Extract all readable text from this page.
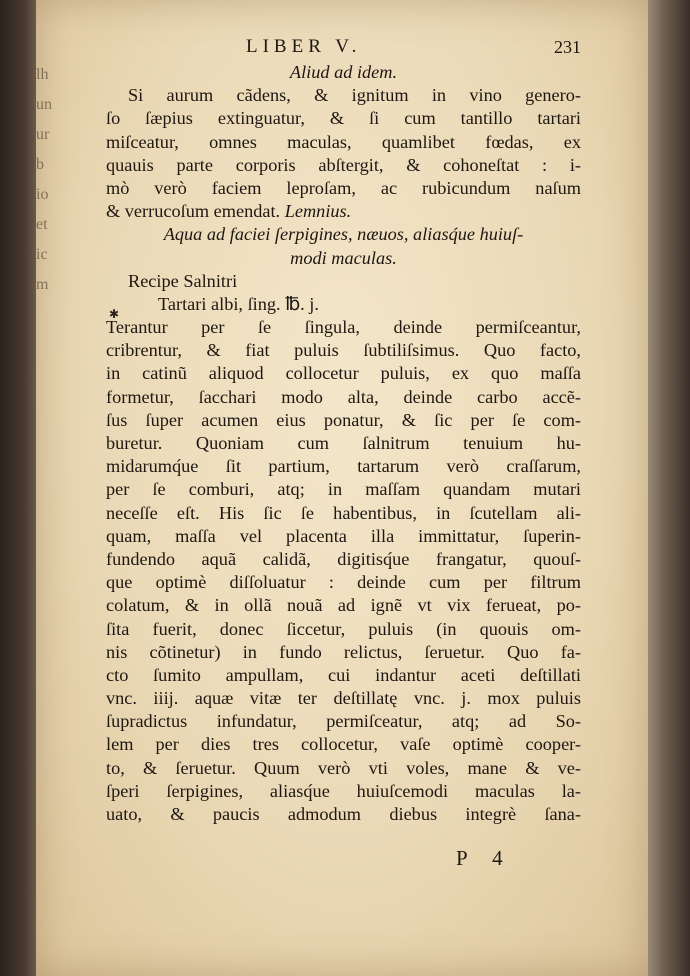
lh
un
ur
b
io
et
ic
m
✱
LIBER V.	231
Aliud ad idem.
Si aurum cãdens, & ignitum in vino genero-
ſo ſæpius extinguatur, & ſi cum tantillo tartari
miſceatur, omnes maculas, quamlibet fœdas, ex
quauis parte corporis abſtergit, & cohoneſtat : i-
mò verò faciem leproſam, ac rubicundum naſum
& verrucoſum emendat. Lemnius.
Aqua ad faciei ſerpigines, næuos, aliasq́ue huiuſ-
modi maculas.
Recipe Salnitri
Tartari albi, ſing. ℔. j.
Terantur per ſe ſingula, deinde permiſceantur,
cribrentur, & fiat puluis ſubtiliſsimus. Quo facto,
in catinũ aliquod collocetur puluis, ex quo maſſa
formetur, ſacchari modo alta, deinde carbo accẽ-
ſus ſuper acumen eius ponatur, & ſic per ſe com-
buretur. Quoniam cum ſalnitrum tenuium hu-
midarumq́ue ſit partium, tartarum verò craſſarum,
per ſe comburi, atq; in maſſam quandam mutari
neceſſe eſt. His ſic ſe habentibus, in ſcutellam ali-
quam, maſſa vel placenta illa immittatur, ſuperin-
fundendo aquã calidã, digitisq́ue frangatur, quouſ-
que optimè diſſoluatur : deinde cum per filtrum
colatum, & in ollã nouã ad ignẽ vt vix ferueat, po-
ſita fuerit, donec ſiccetur, puluis (in quouis om-
nis cõtinetur) in fundo relictus, ſeruetur. Quo fa-
cto ſumito ampullam, cui indantur aceti deſtillati
vnc. iiij. aquæ vitæ ter deſtillatę vnc. j. mox puluis
ſupradictus infundatur, permiſceatur, atq; ad So-
lem per dies tres collocetur, vaſe optimè cooper-
to, & ſeruetur. Quum verò vti voles, mane & ve-
ſperi ſerpigines, aliasq́ue huiuſcemodi maculas la-
uato, & paucis admodum diebus integrè ſana-
P 4
